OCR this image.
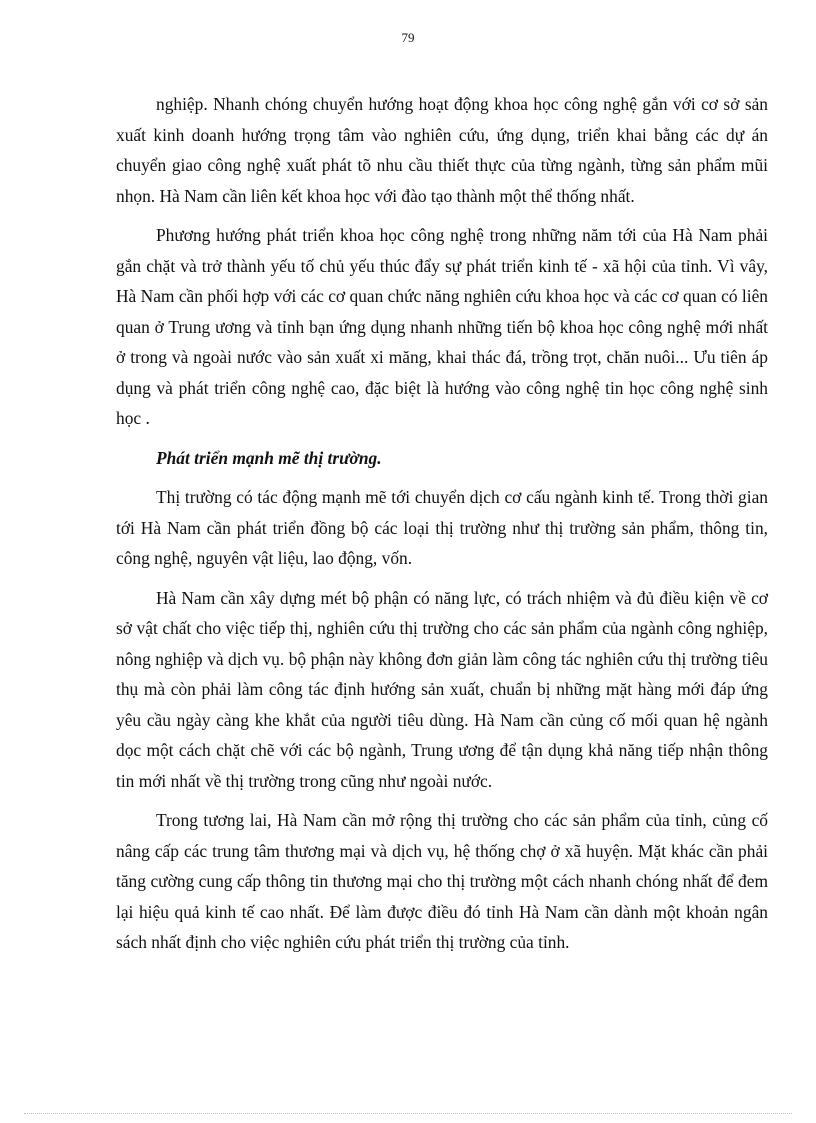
79

nghiệp. Nhanh chóng chuyển hướng hoạt động khoa học công nghệ gắn với cơ sở sản xuất kinh doanh hướng trọng tâm vào nghiên cứu, ứng dụng, triển khai bằng các dự án chuyển giao công nghệ xuất phát tõ nhu cầu thiết thực của từng ngành, từng sản phẩm mũi nhọn. Hà Nam cần liên kết khoa học với đào tạo thành một thể thống nhất.

Phương hướng phát triển khoa học công nghệ trong những năm tới của Hà Nam phải gắn chặt và trở thành yếu tố chủ yếu thúc đẩy sự phát triển kinh tế - xã hội của tỉnh. Vì vây, Hà Nam cần phối hợp với các cơ quan chức năng nghiên cứu khoa học và các cơ quan có liên quan ở Trung ương và tỉnh bạn ứng dụng nhanh những tiến bộ khoa học công nghệ mới nhất ở trong và ngoài nước vào sản xuất xi măng, khai thác đá, trồng trọt, chăn nuôi... Ưu tiên áp dụng và phát triển công nghệ cao, đặc biệt là hướng vào công nghệ tin học công nghệ sinh học .

Phát triển mạnh mẽ thị trường.

Thị trường có tác động mạnh mẽ tới chuyển dịch cơ cấu ngành kinh tế. Trong thời gian tới Hà Nam cần phát triển đồng bộ các loại thị trường như thị trường sản phẩm, thông tin, công nghệ, nguyên vật liệu, lao động, vốn.

Hà Nam cần xây dựng mét bộ phận có năng lực, có trách nhiệm và đủ điều kiện về cơ sở vật chất cho việc tiếp thị, nghiên cứu thị trường cho các sản phẩm của ngành công nghiệp, nông nghiệp và dịch vụ. bộ phận này không đơn giản làm công tác nghiên cứu thị trường tiêu thụ mà còn phải làm công tác định hướng sản xuất, chuẩn bị những mặt hàng mới đáp ứng yêu cầu ngày càng khe khắt của người tiêu dùng. Hà Nam cần củng cố mối quan hệ ngành dọc một cách chặt chẽ với các bộ ngành, Trung ương để tận dụng khả năng tiếp nhận thông tin mới nhất về thị trường trong cũng như ngoài nước.

Trong tương lai, Hà Nam cần mở rộng thị trường cho các sản phẩm của tỉnh, củng cố nâng cấp các trung tâm thương mại và dịch vụ, hệ thống chợ ở xã huyện. Mặt khác cần phải tăng cường cung cấp thông tin thương mại cho thị trường một cách nhanh chóng nhất để đem lại hiệu quả kinh tế cao nhất. Để làm được điều đó tỉnh Hà Nam cần dành một khoản ngân sách nhất định cho việc nghiên cứu phát triển thị trường của tỉnh.
